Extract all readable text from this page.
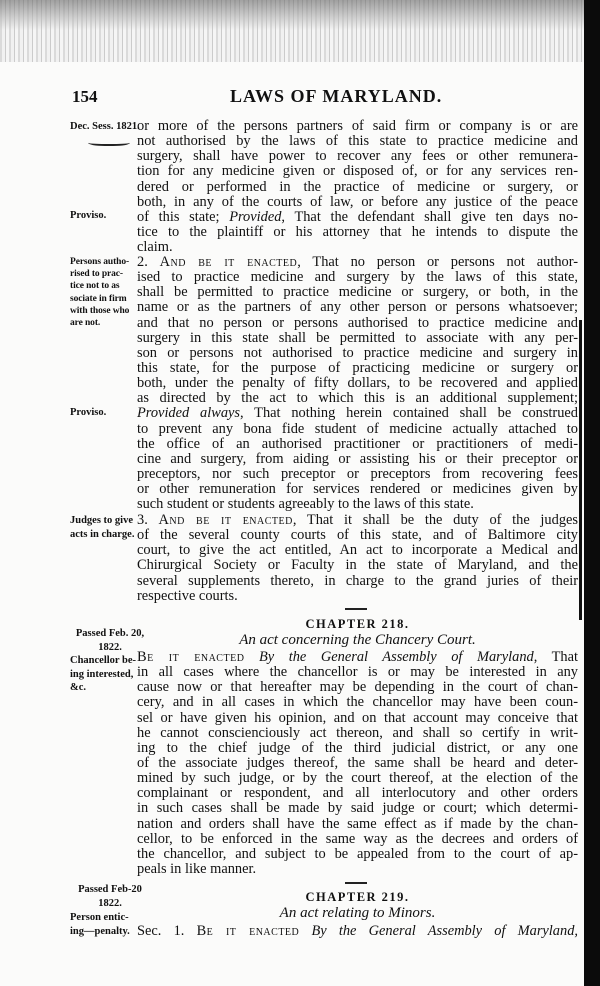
154	LAWS OF MARYLAND.
Dec. Sess. 1821.
Proviso.
Persons autho-
rised to prac-
tice not to as
sociate in firm
with those who
are not.
Proviso.
Judges to give
acts in charge.
Passed Feb. 20,
1822.
Chancellor be-
ing interested,
&c.
Passed Feb-20
1822.
Person entic-
ing—penalty.
or more of the persons partners of said firm or company is or are
not authorised by the laws of this state to practice medicine and
surgery, shall have power to recover any fees or other remunera-
tion for any medicine given or disposed of, or for any services ren-
dered or performed in the practice of medicine or surgery, or
both, in any of the courts of law, or before any justice of the peace
of this state; Provided, That the defendant shall give ten days no-
tice to the plaintiff or his attorney that he intends to dispute the
claim.
2. And be it enacted, That no person or persons not author-
ised to practice medicine and surgery by the laws of this state,
shall be permitted to practice medicine or surgery, or both, in the
name or as the partners of any other person or persons whatsoever;
and that no person or persons authorised to practice medicine and
surgery in this state shall be permitted to associate with any per-
son or persons not authorised to practice medicine and surgery in
this state, for the purpose of practicing medicine or surgery or
both, under the penalty of fifty dollars, to be recovered and applied
as directed by the act to which this is an additional supplement;
Provided always, That nothing herein contained shall be construed
to prevent any bona fide student of medicine actually attached to
the office of an authorised practitioner or practitioners of medi-
cine and surgery, from aiding or assisting his or their preceptor or
preceptors, nor such preceptor or preceptors from recovering fees
or other remuneration for services rendered or medicines given by
such student or students agreeably to the laws of this state.
3. And be it enacted, That it shall be the duty of the judges
of the several county courts of this state, and of Baltimore city
court, to give the act entitled, An act to incorporate a Medical and
Chirurgical Society or Faculty in the state of Maryland, and the
several supplements thereto, in charge to the grand juries of their
respective courts.
CHAPTER 218.
An act concerning the Chancery Court.
Be it enacted By the General Assembly of Maryland, That
in all cases where the chancellor is or may be interested in any
cause now or that hereafter may be depending in the court of chan-
cery, and in all cases in which the chancellor may have been coun-
sel or have given his opinion, and on that account may conceive that
he cannot conscienciously act thereon, and shall so certify in writ-
ing to the chief judge of the third judicial district, or any one
of the associate judges thereof, the same shall be heard and deter-
mined by such judge, or by the court thereof, at the election of the
complainant or respondent, and all interlocutory and other orders
in such cases shall be made by said judge or court; which determi-
nation and orders shall have the same effect as if made by the chan-
cellor, to be enforced in the same way as the decrees and orders of
the chancellor, and subject to be appealed from to the court of ap-
peals in like manner.
CHAPTER 219.
An act relating to Minors.
Sec. 1. Be it enacted By the General Assembly of Maryland,
